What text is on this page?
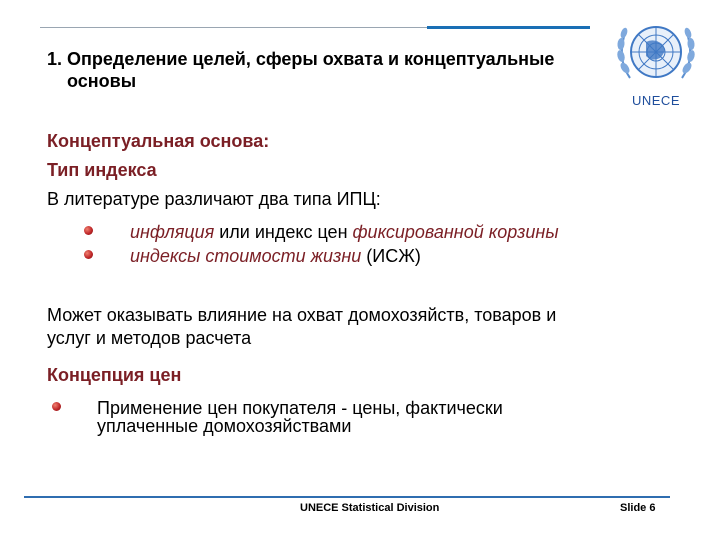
1. Определение целей, сферы охвата и концептуальные
основы
UNECE
Концептуальная основа:
Тип индекса
В литературе различают два типа ИПЦ:
инфляция или индекс цен фиксированной корзины
индексы стоимости жизни (ИСЖ)
Может оказывать влияние на охват домохозяйств, товаров и
услуг и методов расчета
Концепция цен
Применение цен покупателя - цены, фактически
уплаченные домохозяйствами
UNECE Statistical Division	Slide 6
